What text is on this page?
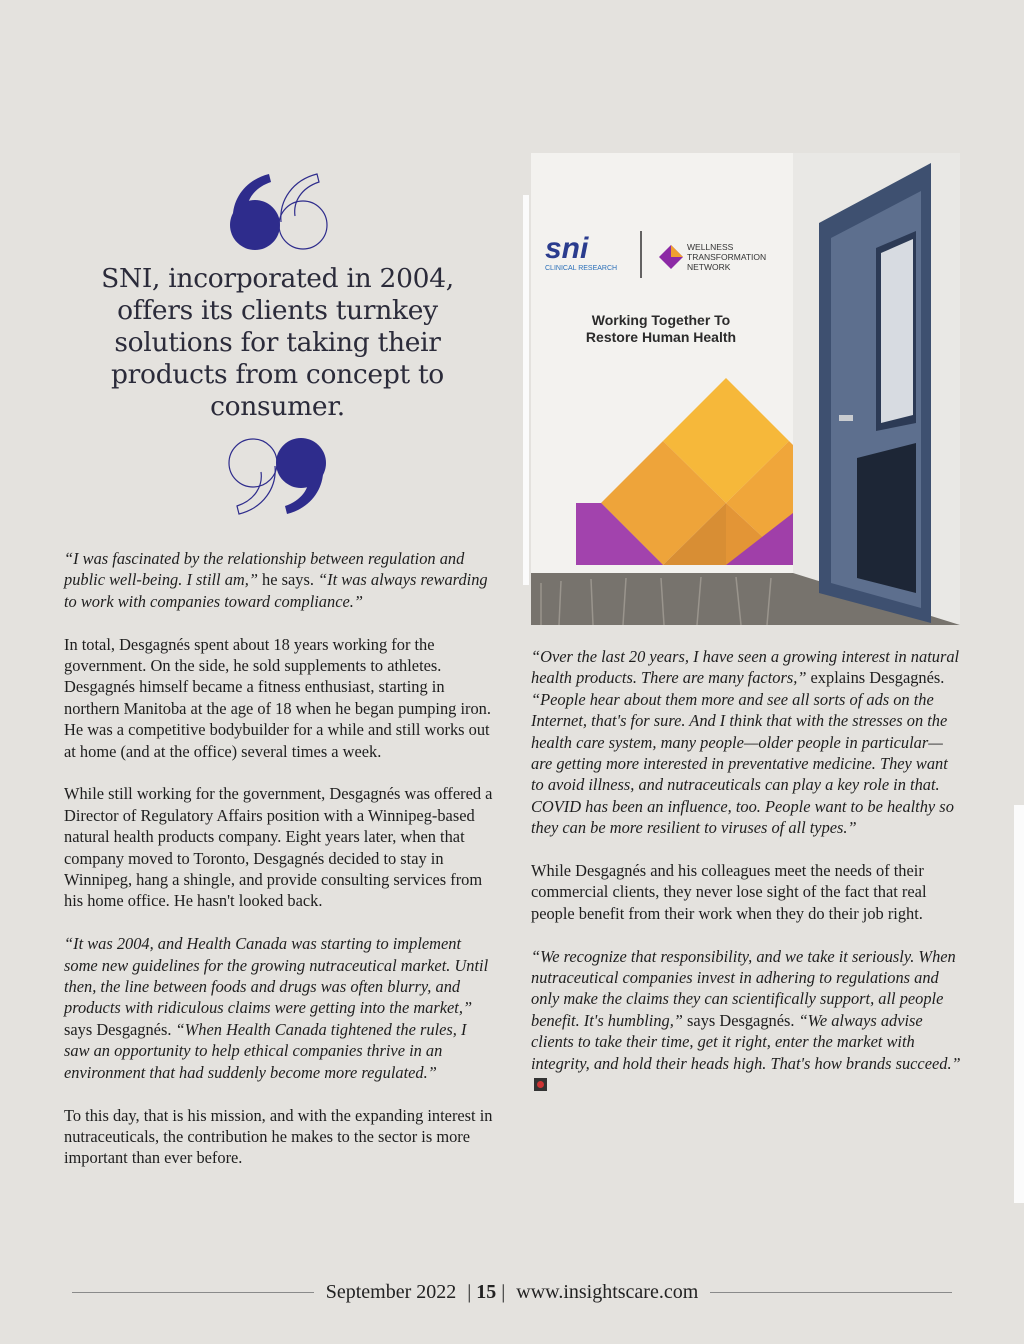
SNI, incorporated in 2004, offers its clients turnkey solutions for taking their products from concept to consumer.
sni
CLINICAL RESEARCH
WELLNESS
TRANSFORMATION
NETWORK
Working Together To
Restore Human Health

“I was fascinated by the relationship between regulation and public well-being. I still am,” he says. “It was always rewarding to work with companies toward compliance.”

In total, Desgagnés spent about 18 years working for the government. On the side, he sold supplements to athletes. Desgagnés himself became a fitness enthusiast, starting in northern Manitoba at the age of 18 when he began pumping iron. He was a competitive bodybuilder for a while and still works out at home (and at the office) several times a week.

While still working for the government, Desgagnés was offered a Director of Regulatory Affairs position with a Winnipeg-based natural health products company. Eight years later, when that company moved to Toronto, Desgagnés decided to stay in Winnipeg, hang a shingle, and provide consulting services from his home office. He hasn't looked back.

“It was 2004, and Health Canada was starting to implement some new guidelines for the growing nutraceutical market. Until then, the line between foods and drugs was often blurry, and products with ridiculous claims were getting into the market,” says Desgagnés. “When Health Canada tightened the rules, I saw an opportunity to help ethical companies thrive in an environment that had suddenly become more regulated.”

To this day, that is his mission, and with the expanding interest in nutraceuticals, the contribution he makes to the sector is more important than ever before.

“Over the last 20 years, I have seen a growing interest in natural health products. There are many factors,” explains Desgagnés. “People hear about them more and see all sorts of ads on the Internet, that's for sure. And I think that with the stresses on the health care system, many people—older people in particular—are getting more interested in preventative medicine. They want to avoid illness, and nutraceuticals can play a key role in that. COVID has been an influence, too. People want to be healthy so they can be more resilient to viruses of all types.”

While Desgagnés and his colleagues meet the needs of their commercial clients, they never lose sight of the fact that real people benefit from their work when they do their job right.

“We recognize that responsibility, and we take it seriously. When nutraceutical companies invest in adhering to regulations and only make the claims they can scientifically support, all people benefit. It's humbling,” says Desgagnés. “We always advise clients to take their time, get it right, enter the market with integrity, and hold their heads high. That's how brands succeed.”

September 2022 | 15 | www.insightscare.com
